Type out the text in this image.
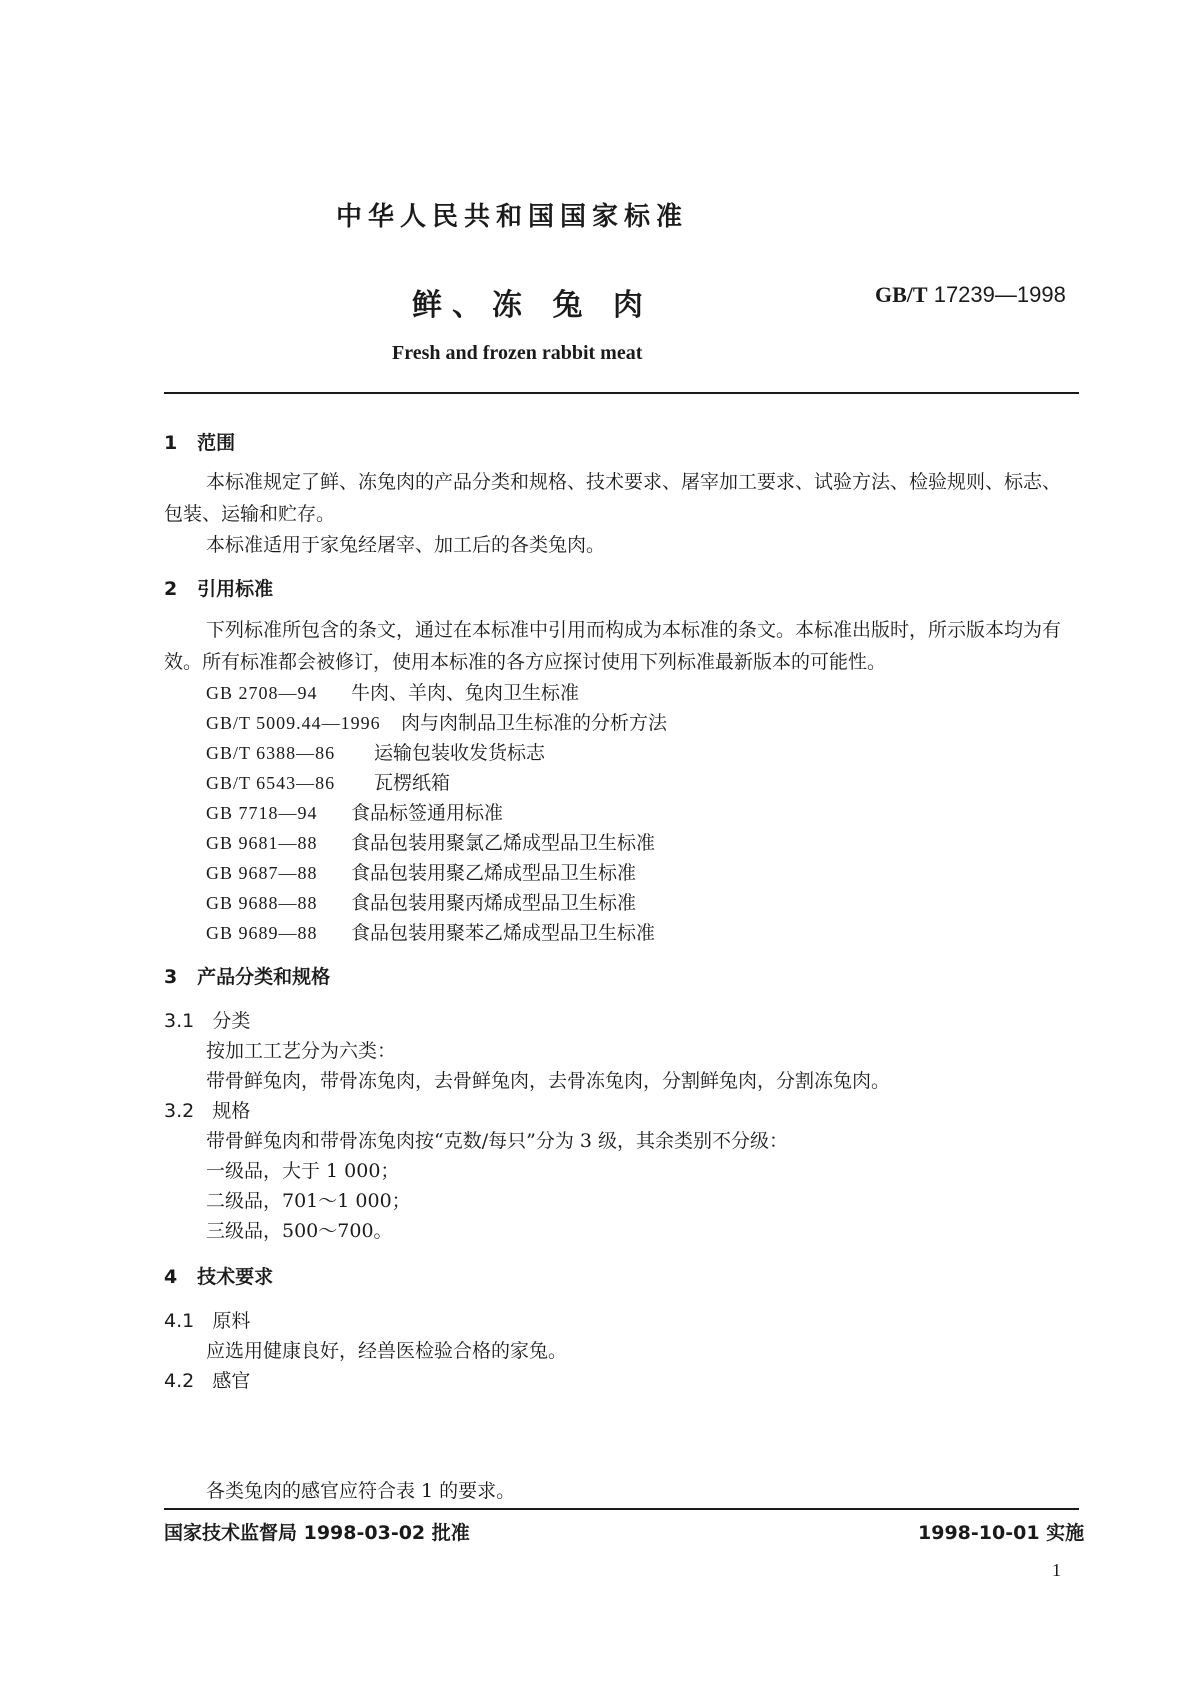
中华人民共和国国家标准
鲜、冻 兔 肉	GB/T 17239—1998
Fresh and frozen rabbit meat
1 范围
本标准规定了鲜、冻兔肉的产品分类和规格、技术要求、屠宰加工要求、试验方法、检验规则、标志、包装、运输和贮存。
本标准适用于家兔经屠宰、加工后的各类兔肉。
2 引用标准
下列标准所包含的条文，通过在本标准中引用而构成为本标准的条文。本标准出版时，所示版本均为有效。所有标准都会被修订，使用本标准的各方应探讨使用下列标准最新版本的可能性。
GB 2708—94 牛肉、羊肉、兔肉卫生标准
GB/T 5009.44—1996 肉与肉制品卫生标准的分析方法
GB/T 6388—86 运输包装收发货标志
GB/T 6543—86 瓦楞纸箱
GB 7718—94 食品标签通用标准
GB 9681—88 食品包装用聚氯乙烯成型品卫生标准
GB 9687—88 食品包装用聚乙烯成型品卫生标准
GB 9688—88 食品包装用聚丙烯成型品卫生标准
GB 9689—88 食品包装用聚苯乙烯成型品卫生标准
3 产品分类和规格
3.1 分类
按加工工艺分为六类：
带骨鲜兔肉，带骨冻兔肉，去骨鲜兔肉，去骨冻兔肉，分割鲜兔肉，分割冻兔肉。
3.2 规格
带骨鲜兔肉和带骨冻兔肉按“克数/每只”分为 3 级，其余类别不分级：
一级品，大于 1 000；
二级品，701～1 000；
三级品，500～700。
4 技术要求
4.1 原料
应选用健康良好，经兽医检验合格的家兔。
4.2 感官
各类兔肉的感官应符合表 1 的要求。
国家技术监督局 1998-03-02 批准	1998-10-01 实施
1
